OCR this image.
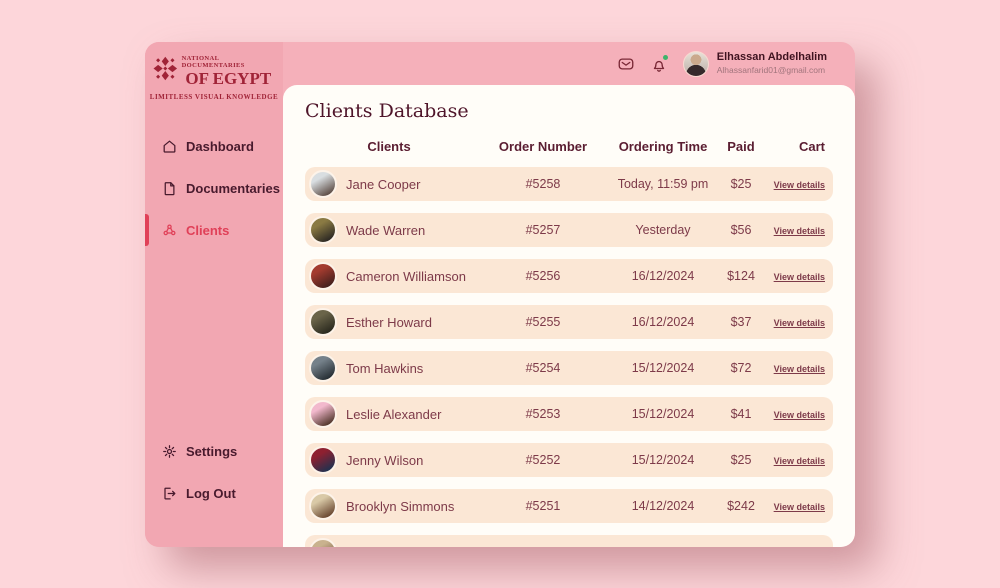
Elhassan Abdelhalim
Alhassanfarid01@gmail.com
NATIONAL DOCUMENTARIES
OF EGYPT
LIMITLESS VISUAL KNOWLEDGE
Dashboard
Documentaries
Clients
Settings
Log Out
Clients Database
Clients	Order Number	Ordering Time	Paid	Cart
Jane Cooper	#5258	Today, 11:59 pm	$25	View details
Wade Warren	#5257	Yesterday	$56	View details
Cameron Williamson	#5256	16/12/2024	$124	View details
Esther Howard	#5255	16/12/2024	$37	View details
Tom Hawkins	#5254	15/12/2024	$72	View details
Leslie Alexander	#5253	15/12/2024	$41	View details
Jenny Wilson	#5252	15/12/2024	$25	View details
Brooklyn Simmons	#5251	14/12/2024	$242	View details
